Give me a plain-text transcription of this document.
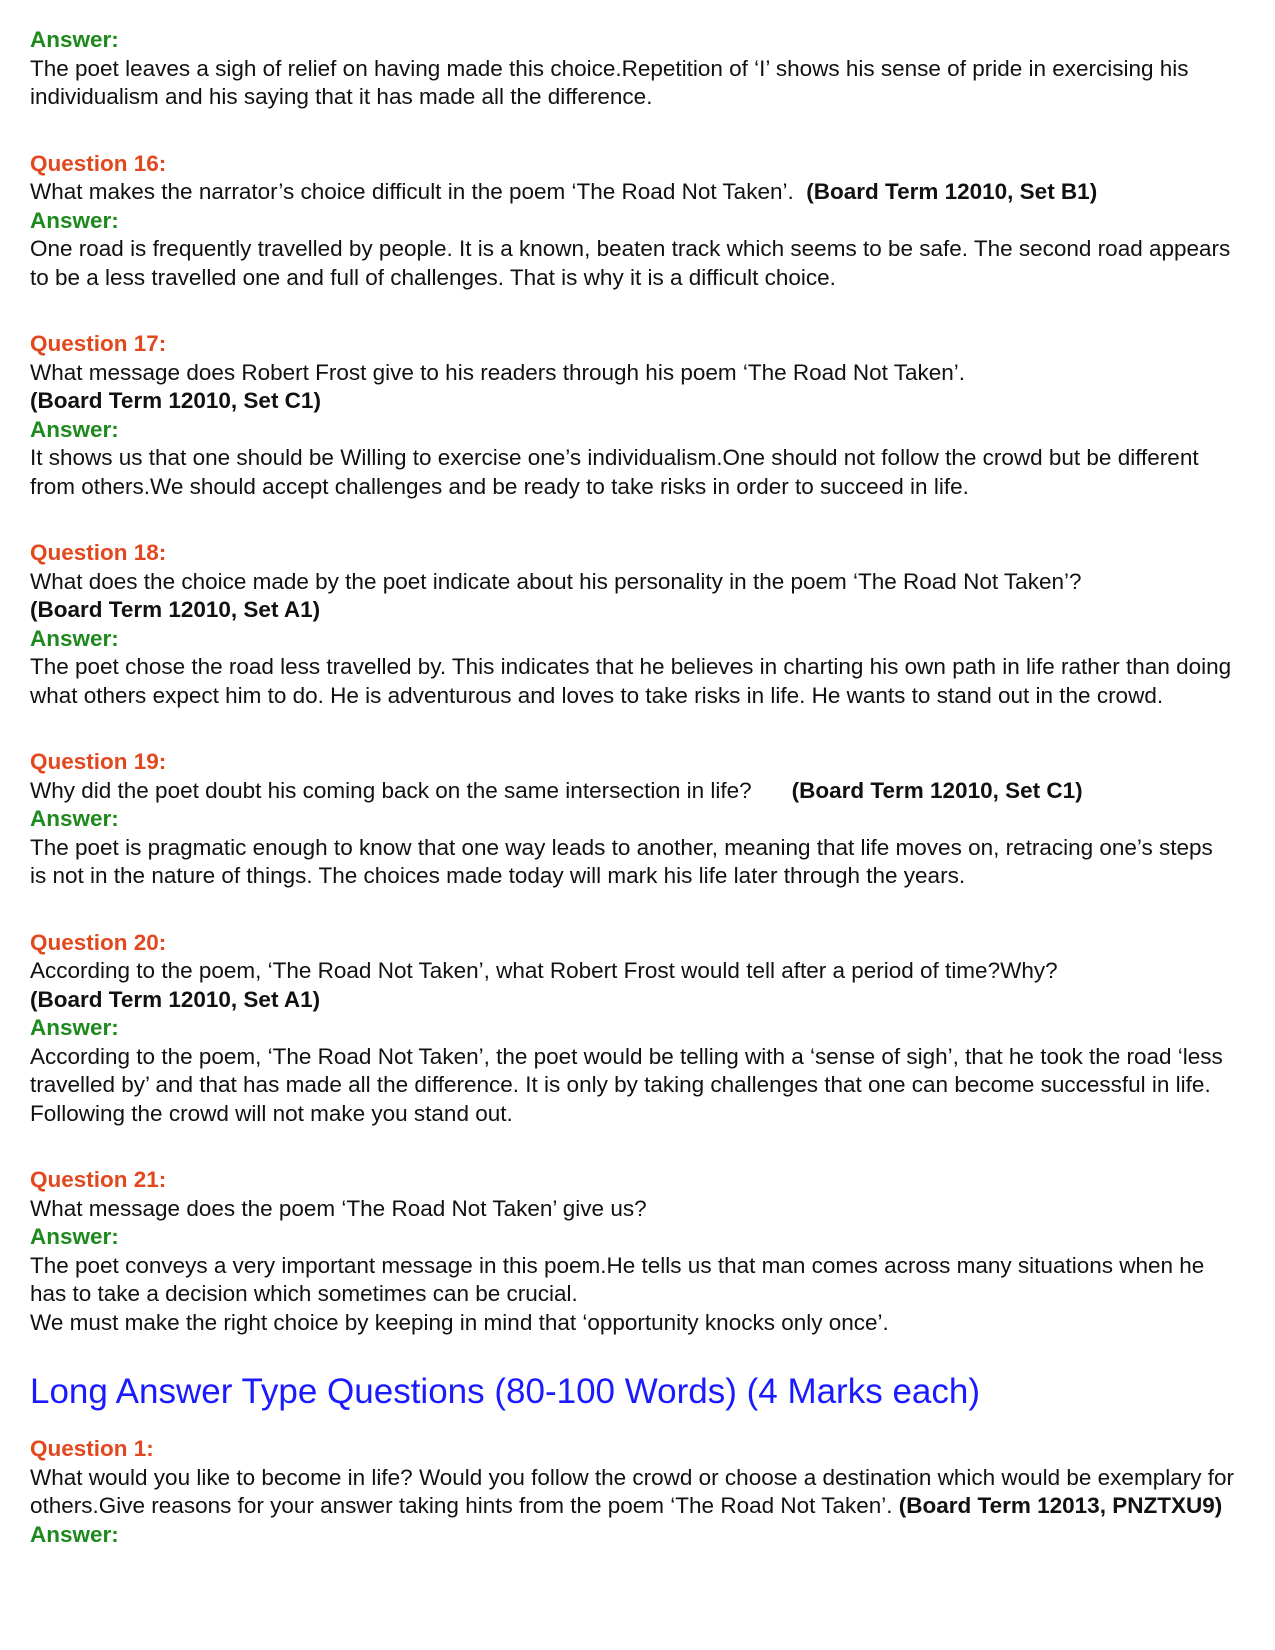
Answer:

The poet leaves a sigh of relief on having made this choice.Repetition of ‘I’ shows his sense of pride in exercising his individualism and his saying that it has made all the difference.

Question 16:

What makes the narrator’s choice difficult in the poem ‘The Road Not Taken’. (Board Term 12010, Set B1)

Answer:

One road is frequently travelled by people. It is a known, beaten track which seems to be safe. The second road appears to be a less travelled one and full of challenges. That is why it is a difficult choice.

Question 17:

What message does Robert Frost give to his readers through his poem ‘The Road Not Taken’.

(Board Term 12010, Set C1)

Answer:

It shows us that one should be Willing to exercise one’s individualism.One should not follow the crowd but be different from others.We should accept challenges and be ready to take risks in order to succeed in life.

Question 18:

What does the choice made by the poet indicate about his personality in the poem ‘The Road Not Taken’?

(Board Term 12010, Set A1)

Answer:

The poet chose the road less travelled by. This indicates that he believes in charting his own path in life rather than doing what others expect him to do. He is adventurous and loves to take risks in life. He wants to stand out in the crowd.

Question 19:

Why did the poet doubt his coming back on the same intersection in life? (Board Term 12010, Set C1)

Answer:

The poet is pragmatic enough to know that one way leads to another, meaning that life moves on, retracing one’s steps is not in the nature of things. The choices made today will mark his life later through the years.

Question 20:

According to the poem, ‘The Road Not Taken’, what Robert Frost would tell after a period of time?Why?

(Board Term 12010, Set A1)

Answer:

According to the poem, ‘The Road Not Taken’, the poet would be telling with a ‘sense of sigh’, that he took the road ‘less travelled by’ and that has made all the difference. It is only by taking challenges that one can become successful in life. Following the crowd will not make you stand out.

Question 21:

What message does the poem ‘The Road Not Taken’ give us?

Answer:

The poet conveys a very important message in this poem.He tells us that man comes across many situations when he has to take a decision which sometimes can be crucial.

We must make the right choice by keeping in mind that ‘opportunity knocks only once’.

Long Answer Type Questions (80-100 Words) (4 Marks each)

Question 1:

What would you like to become in life? Would you follow the crowd or choose a destination which would be exemplary for others.Give reasons for your answer taking hints from the poem ‘The Road Not Taken’. (Board Term 12013, PNZTXU9)

Answer:
